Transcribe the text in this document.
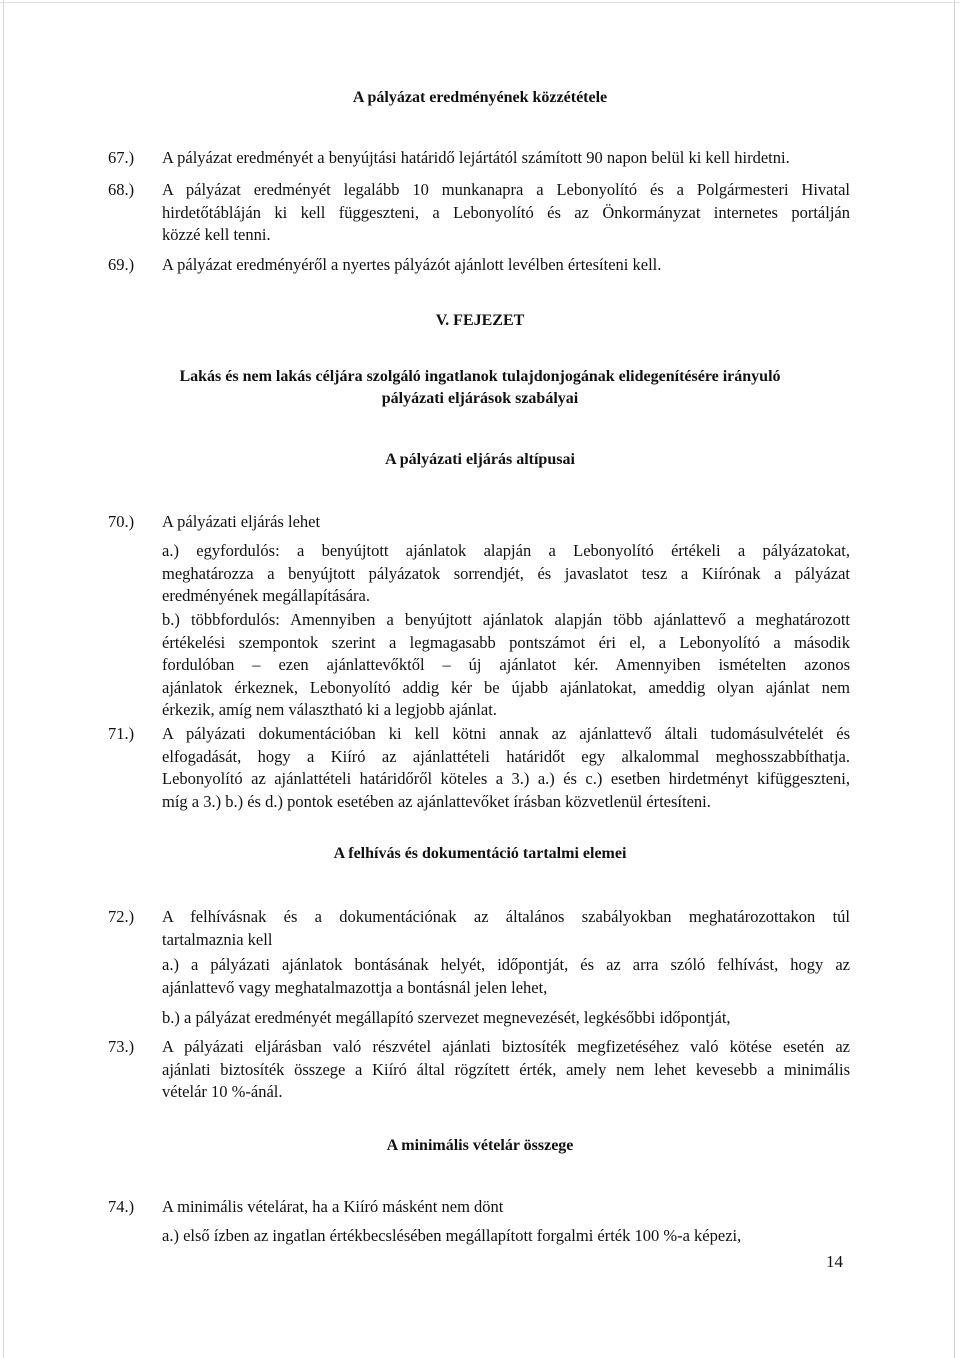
A pályázat eredményének közzététele
67.) A pályázat eredményét a benyújtási határidő lejártától számított 90 napon belül ki kell hirdetni.
68.) A pályázat eredményét legalább 10 munkanapra a Lebonyolító és a Polgármesteri Hivatal
hirdetőtábláján ki kell függeszteni, a Lebonyolító és az Önkormányzat internetes portálján
közzé kell tenni.
69.) A pályázat eredményéről a nyertes pályázót ajánlott levélben értesíteni kell.
V. FEJEZET
Lakás és nem lakás céljára szolgáló ingatlanok tulajdonjogának elidegenítésére irányuló
pályázati eljárások szabályai
A pályázati eljárás altípusai
70.) A pályázati eljárás lehet
a.) egyfordulós: a benyújtott ajánlatok alapján a Lebonyolító értékeli a pályázatokat,
meghatározza a benyújtott pályázatok sorrendjét, és javaslatot tesz a Kiírónak a pályázat
eredményének megállapítására.
b.) többfordulós: Amennyiben a benyújtott ajánlatok alapján több ajánlattevő a meghatározott
értékelési szempontok szerint a legmagasabb pontszámot éri el, a Lebonyolító a második
fordulóban – ezen ajánlattevőktől – új ajánlatot kér. Amennyiben ismételten azonos
ajánlatok érkeznek, Lebonyolító addig kér be újabb ajánlatokat, ameddig olyan ajánlat nem
érkezik, amíg nem választható ki a legjobb ajánlat.
71.) A pályázati dokumentációban ki kell kötni annak az ajánlattevő általi tudomásulvételét és
elfogadását, hogy a Kiíró az ajánlattételi határidőt egy alkalommal meghosszabbíthatja.
Lebonyolító az ajánlattételi határidőről köteles a 3.) a.) és c.) esetben hirdetményt kifüggeszteni,
míg a 3.) b.) és d.) pontok esetében az ajánlattevőket írásban közvetlenül értesíteni.
A felhívás és dokumentáció tartalmi elemei
72.) A felhívásnak és a dokumentációnak az általános szabályokban meghatározottakon túl
tartalmaznia kell
a.) a pályázati ajánlatok bontásának helyét, időpontját, és az arra szóló felhívást, hogy az
ajánlattevő vagy meghatalmazottja a bontásnál jelen lehet,
b.) a pályázat eredményét megállapító szervezet megnevezését, legkésőbbi időpontját,
73.) A pályázati eljárásban való részvétel ajánlati biztosíték megfizetéséhez való kötése esetén az
ajánlati biztosíték összege a Kiíró által rögzített érték, amely nem lehet kevesebb a minimális
vételár 10 %-ánál.
A minimális vételár összege
74.) A minimális vételárat, ha a Kiíró másként nem dönt
a.) első ízben az ingatlan értékbecslésében megállapított forgalmi érték 100 %-a képezi,
14
